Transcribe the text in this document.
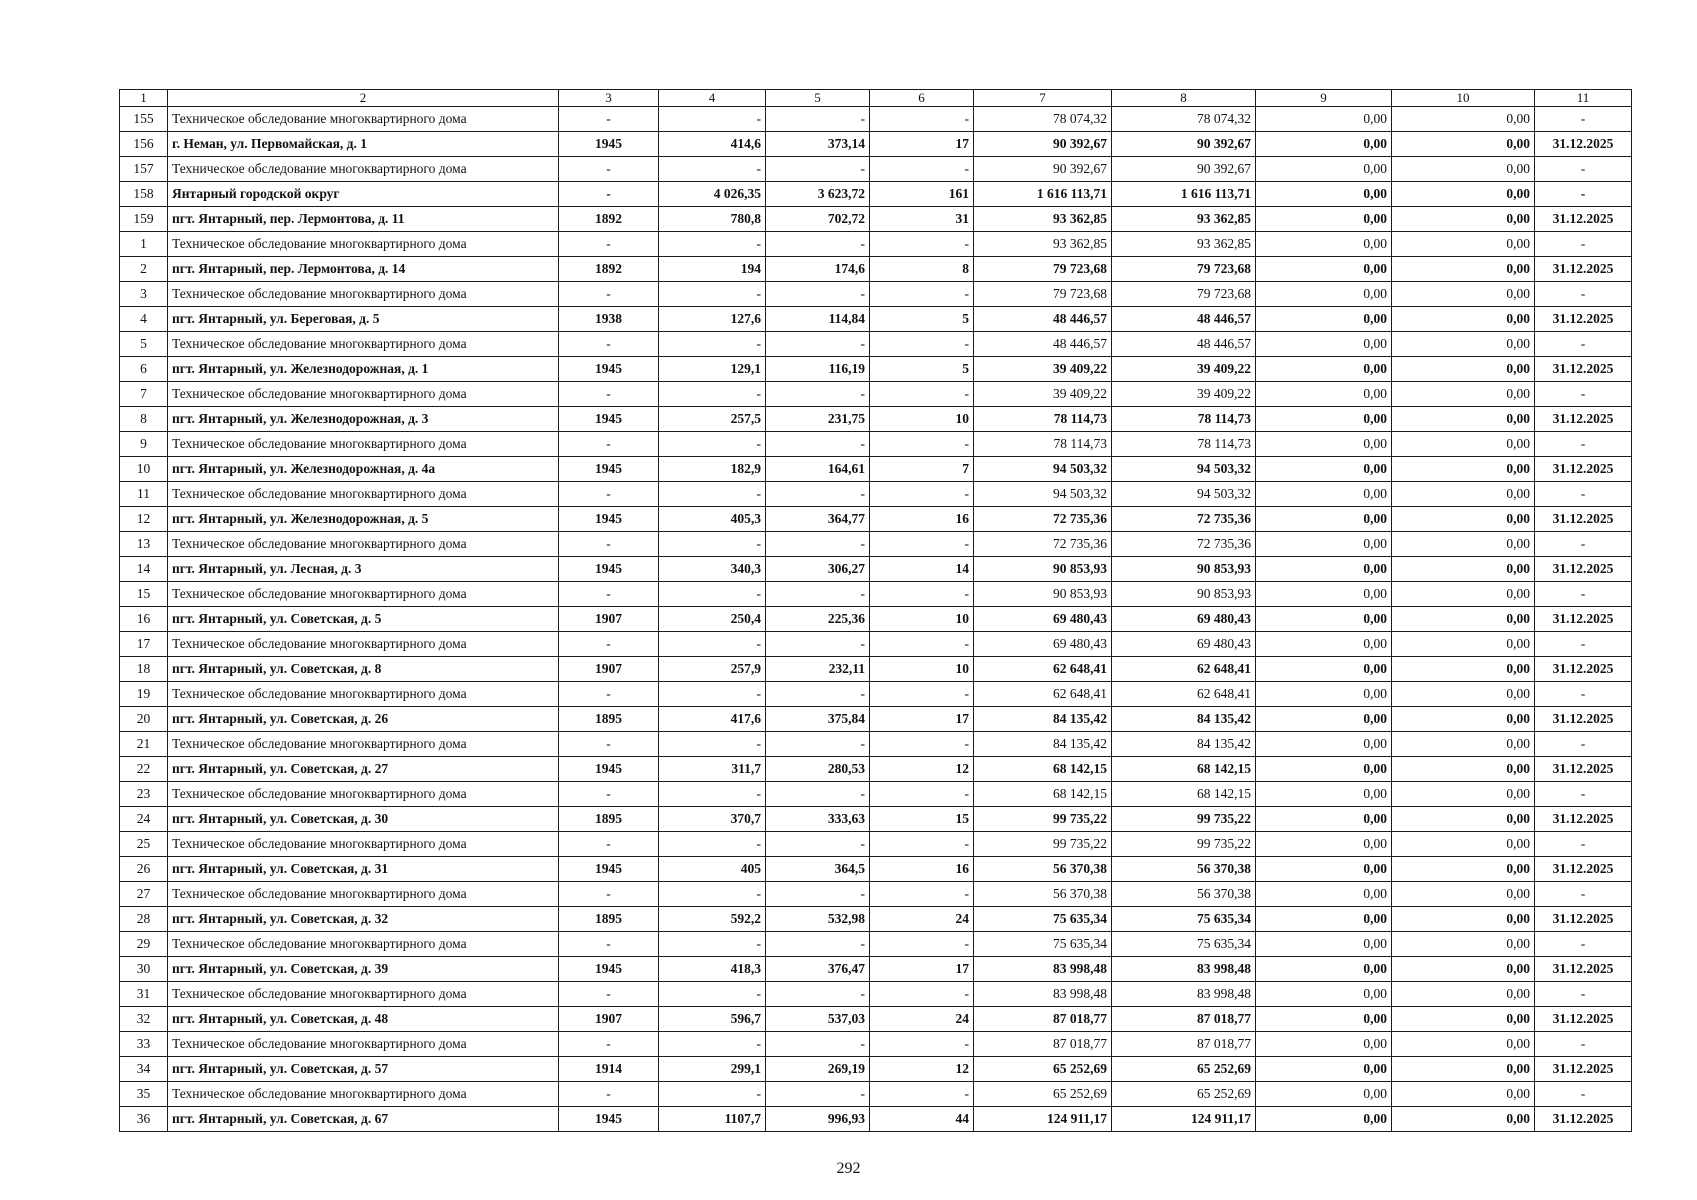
1	2	3	4	5	6	7	8	9	10	11
155	Техническое обследование многоквартирного дома	-	-	-	-	78 074,32	78 074,32	0,00	0,00	-
156	г. Неман, ул. Первомайская, д. 1	1945	414,6	373,14	17	90 392,67	90 392,67	0,00	0,00	31.12.2025
157	Техническое обследование многоквартирного дома	-	-	-	-	90 392,67	90 392,67	0,00	0,00	-
158	Янтарный городской округ	-	4 026,35	3 623,72	161	1 616 113,71	1 616 113,71	0,00	0,00	-
159	пгт. Янтарный, пер. Лермонтова, д. 11	1892	780,8	702,72	31	93 362,85	93 362,85	0,00	0,00	31.12.2025
1	Техническое обследование многоквартирного дома	-	-	-	-	93 362,85	93 362,85	0,00	0,00	-
2	пгт. Янтарный, пер. Лермонтова, д. 14	1892	194	174,6	8	79 723,68	79 723,68	0,00	0,00	31.12.2025
3	Техническое обследование многоквартирного дома	-	-	-	-	79 723,68	79 723,68	0,00	0,00	-
4	пгт. Янтарный, ул. Береговая, д. 5	1938	127,6	114,84	5	48 446,57	48 446,57	0,00	0,00	31.12.2025
5	Техническое обследование многоквартирного дома	-	-	-	-	48 446,57	48 446,57	0,00	0,00	-
6	пгт. Янтарный, ул. Железнодорожная, д. 1	1945	129,1	116,19	5	39 409,22	39 409,22	0,00	0,00	31.12.2025
7	Техническое обследование многоквартирного дома	-	-	-	-	39 409,22	39 409,22	0,00	0,00	-
8	пгт. Янтарный, ул. Железнодорожная, д. 3	1945	257,5	231,75	10	78 114,73	78 114,73	0,00	0,00	31.12.2025
9	Техническое обследование многоквартирного дома	-	-	-	-	78 114,73	78 114,73	0,00	0,00	-
10	пгт. Янтарный, ул. Железнодорожная, д. 4а	1945	182,9	164,61	7	94 503,32	94 503,32	0,00	0,00	31.12.2025
11	Техническое обследование многоквартирного дома	-	-	-	-	94 503,32	94 503,32	0,00	0,00	-
12	пгт. Янтарный, ул. Железнодорожная, д. 5	1945	405,3	364,77	16	72 735,36	72 735,36	0,00	0,00	31.12.2025
13	Техническое обследование многоквартирного дома	-	-	-	-	72 735,36	72 735,36	0,00	0,00	-
14	пгт. Янтарный, ул. Лесная, д. 3	1945	340,3	306,27	14	90 853,93	90 853,93	0,00	0,00	31.12.2025
15	Техническое обследование многоквартирного дома	-	-	-	-	90 853,93	90 853,93	0,00	0,00	-
16	пгт. Янтарный, ул. Советская, д. 5	1907	250,4	225,36	10	69 480,43	69 480,43	0,00	0,00	31.12.2025
17	Техническое обследование многоквартирного дома	-	-	-	-	69 480,43	69 480,43	0,00	0,00	-
18	пгт. Янтарный, ул. Советская, д. 8	1907	257,9	232,11	10	62 648,41	62 648,41	0,00	0,00	31.12.2025
19	Техническое обследование многоквартирного дома	-	-	-	-	62 648,41	62 648,41	0,00	0,00	-
20	пгт. Янтарный, ул. Советская, д. 26	1895	417,6	375,84	17	84 135,42	84 135,42	0,00	0,00	31.12.2025
21	Техническое обследование многоквартирного дома	-	-	-	-	84 135,42	84 135,42	0,00	0,00	-
22	пгт. Янтарный, ул. Советская, д. 27	1945	311,7	280,53	12	68 142,15	68 142,15	0,00	0,00	31.12.2025
23	Техническое обследование многоквартирного дома	-	-	-	-	68 142,15	68 142,15	0,00	0,00	-
24	пгт. Янтарный, ул. Советская, д. 30	1895	370,7	333,63	15	99 735,22	99 735,22	0,00	0,00	31.12.2025
25	Техническое обследование многоквартирного дома	-	-	-	-	99 735,22	99 735,22	0,00	0,00	-
26	пгт. Янтарный, ул. Советская, д. 31	1945	405	364,5	16	56 370,38	56 370,38	0,00	0,00	31.12.2025
27	Техническое обследование многоквартирного дома	-	-	-	-	56 370,38	56 370,38	0,00	0,00	-
28	пгт. Янтарный, ул. Советская, д. 32	1895	592,2	532,98	24	75 635,34	75 635,34	0,00	0,00	31.12.2025
29	Техническое обследование многоквартирного дома	-	-	-	-	75 635,34	75 635,34	0,00	0,00	-
30	пгт. Янтарный, ул. Советская, д. 39	1945	418,3	376,47	17	83 998,48	83 998,48	0,00	0,00	31.12.2025
31	Техническое обследование многоквартирного дома	-	-	-	-	83 998,48	83 998,48	0,00	0,00	-
32	пгт. Янтарный, ул. Советская, д. 48	1907	596,7	537,03	24	87 018,77	87 018,77	0,00	0,00	31.12.2025
33	Техническое обследование многоквартирного дома	-	-	-	-	87 018,77	87 018,77	0,00	0,00	-
34	пгт. Янтарный, ул. Советская, д. 57	1914	299,1	269,19	12	65 252,69	65 252,69	0,00	0,00	31.12.2025
35	Техническое обследование многоквартирного дома	-	-	-	-	65 252,69	65 252,69	0,00	0,00	-
36	пгт. Янтарный, ул. Советская, д. 67	1945	1107,7	996,93	44	124 911,17	124 911,17	0,00	0,00	31.12.2025
292
